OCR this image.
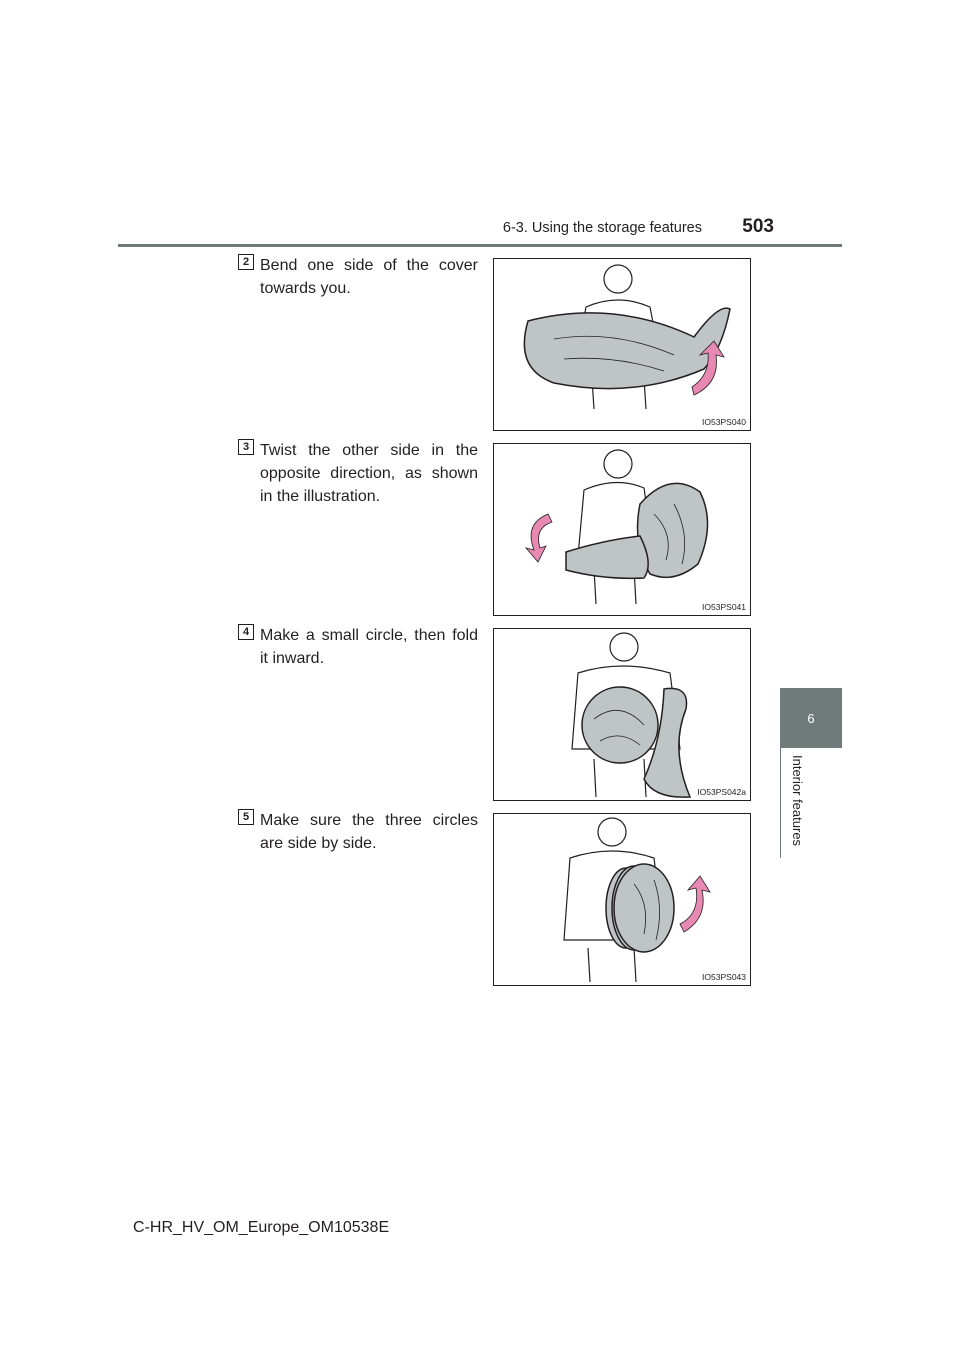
6-3. Using the storage features	503
6
Interior features
2 Bend one side of the cover towards you.
IO53PS040
3 Twist the other side in the opposite direction, as shown in the illustration.
IO53PS041
4 Make a small circle, then fold it inward.
IO53PS042a
5 Make sure the three circles are side by side.
IO53PS043
C-HR_HV_OM_Europe_OM10538E
